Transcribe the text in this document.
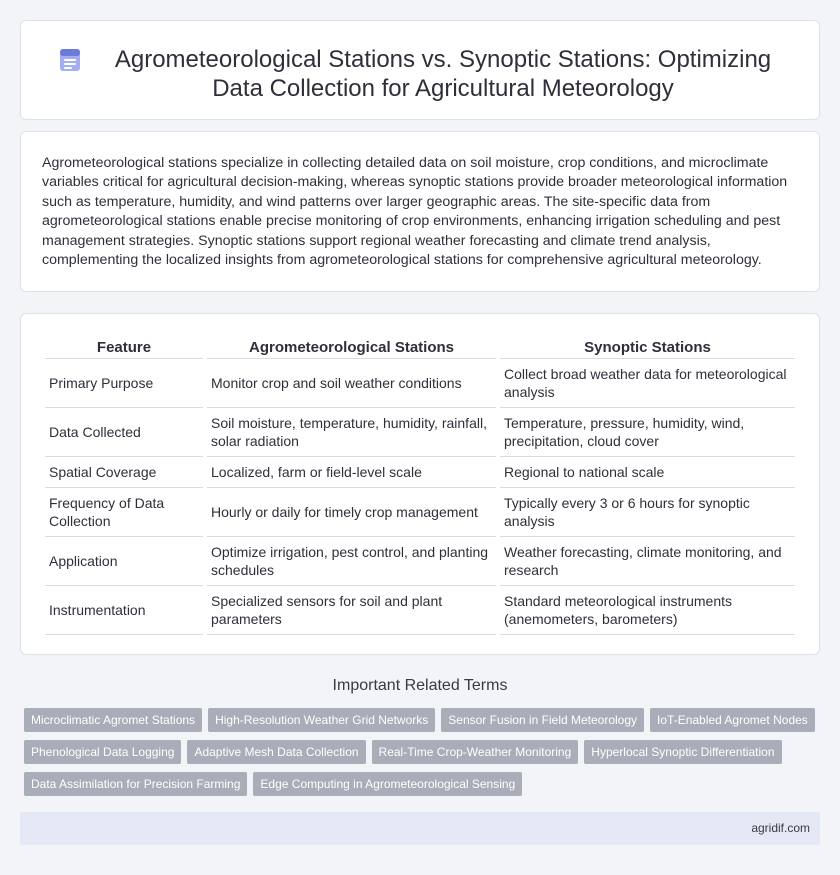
Agrometeorological Stations vs. Synoptic Stations: Optimizing Data Collection for Agricultural Meteorology

Agrometeorological stations specialize in collecting detailed data on soil moisture, crop conditions, and microclimate variables critical for agricultural decision-making, whereas synoptic stations provide broader meteorological information such as temperature, humidity, and wind patterns over larger geographic areas. The site-specific data from agrometeorological stations enable precise monitoring of crop environments, enhancing irrigation scheduling and pest management strategies. Synoptic stations support regional weather forecasting and climate trend analysis, complementing the localized insights from agrometeorological stations for comprehensive agricultural meteorology.

Feature	Agrometeorological Stations	Synoptic Stations
Primary Purpose	Monitor crop and soil weather conditions	Collect broad weather data for meteorological analysis
Data Collected	Soil moisture, temperature, humidity, rainfall, solar radiation	Temperature, pressure, humidity, wind, precipitation, cloud cover
Spatial Coverage	Localized, farm or field-level scale	Regional to national scale
Frequency of Data Collection	Hourly or daily for timely crop management	Typically every 3 or 6 hours for synoptic analysis
Application	Optimize irrigation, pest control, and planting schedules	Weather forecasting, climate monitoring, and research
Instrumentation	Specialized sensors for soil and plant parameters	Standard meteorological instruments (anemometers, barometers)
Important Related Terms
Microclimatic Agromet Stations	High-Resolution Weather Grid Networks	Sensor Fusion in Field Meteorology	IoT-Enabled Agromet Nodes
Phenological Data Logging	Adaptive Mesh Data Collection	Real-Time Crop-Weather Monitoring	Hyperlocal Synoptic Differentiation
Data Assimilation for Precision Farming	Edge Computing in Agrometeorological Sensing
agridif.com
